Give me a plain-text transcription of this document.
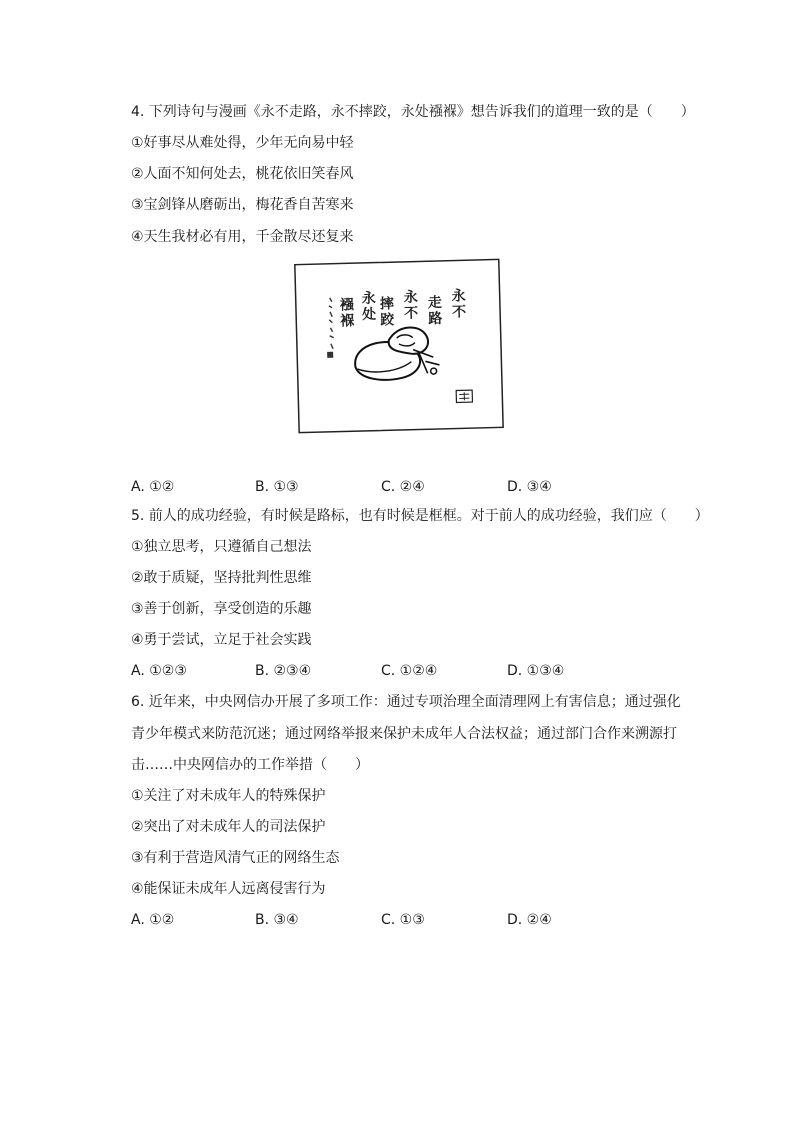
4. 下列诗句与漫画《永不走路，永不摔跤，永处襁褓》想告诉我们的道理一致的是（　　）
①好事尽从难处得，少年无向易中轻
②人面不知何处去，桃花依旧笑春风
③宝剑锋从磨砺出，梅花香自苦寒来
④天生我材必有用，千金散尽还复来
永不
走路
永不
摔跤
永处
襁褓
A. ①②	B. ①③	C. ②④	D. ③④
5. 前人的成功经验，有时候是路标，也有时候是框框。对于前人的成功经验，我们应（　　）
①独立思考，只遵循自己想法
②敢于质疑，坚持批判性思维
③善于创新，享受创造的乐趣
④勇于尝试，立足于社会实践
A. ①②③	B. ②③④	C. ①②④	D. ①③④
6. 近年来，中央网信办开展了多项工作：通过专项治理全面清理网上有害信息；通过强化
青少年模式来防范沉迷；通过网络举报来保护未成年人合法权益；通过部门合作来溯源打
击……中央网信办的工作举措（　　）
①关注了对未成年人的特殊保护
②突出了对未成年人的司法保护
③有利于营造风清气正的网络生态
④能保证未成年人远离侵害行为
A. ①②	B. ③④	C. ①③	D. ②④
